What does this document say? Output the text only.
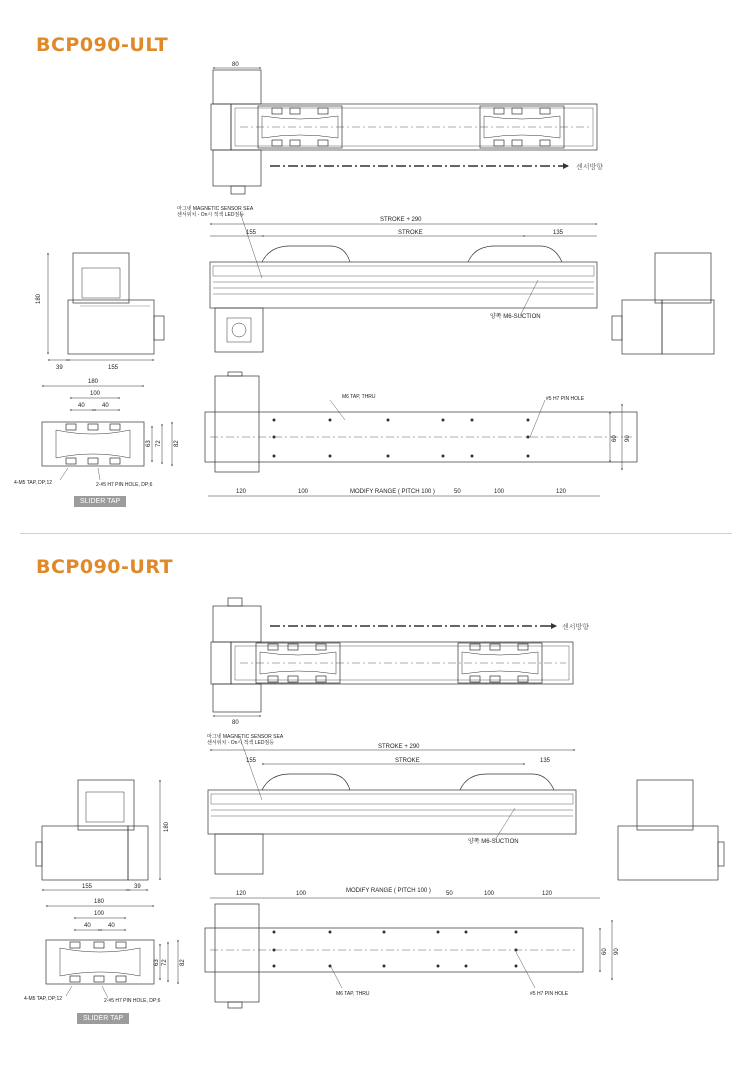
BCP090-ULT
BCP090-URT
SLIDER TAP
SLIDER TAP
80
센서방향
마그넷 MAGNETIC SENSOR SEA
센서위치 - On시 적색 LED점등
STROKE + 290
STROKE
155	135
양쪽 M6-SUCTION
180
39	155
M6 TAP, THRU	#5 H7 PIN HOLE
60 90
120	100	MODIFY RANGE ( PITCH 100 )	50	100	120
180
100
40	40
63 72 82
4-M5 TAP, DP;12	2-#5 H7 PIN HOLE, DP;6
80
센서방향
마그넷 MAGNETIC SENSOR SEA
센서위치 - On시 적색 LED점등
STROKE + 290
STROKE
155	135
양쪽 M6-SUCTION
180
155	39
M6 TAP, THRU	#5 H7 PIN HOLE
60 90
120	100	MODIFY RANGE ( PITCH 100 )	50	100	120
180
100
40	40
63 72 82
4-M5 TAP, DP;12	2-#5 H7 PIN HOLE, DP;6
